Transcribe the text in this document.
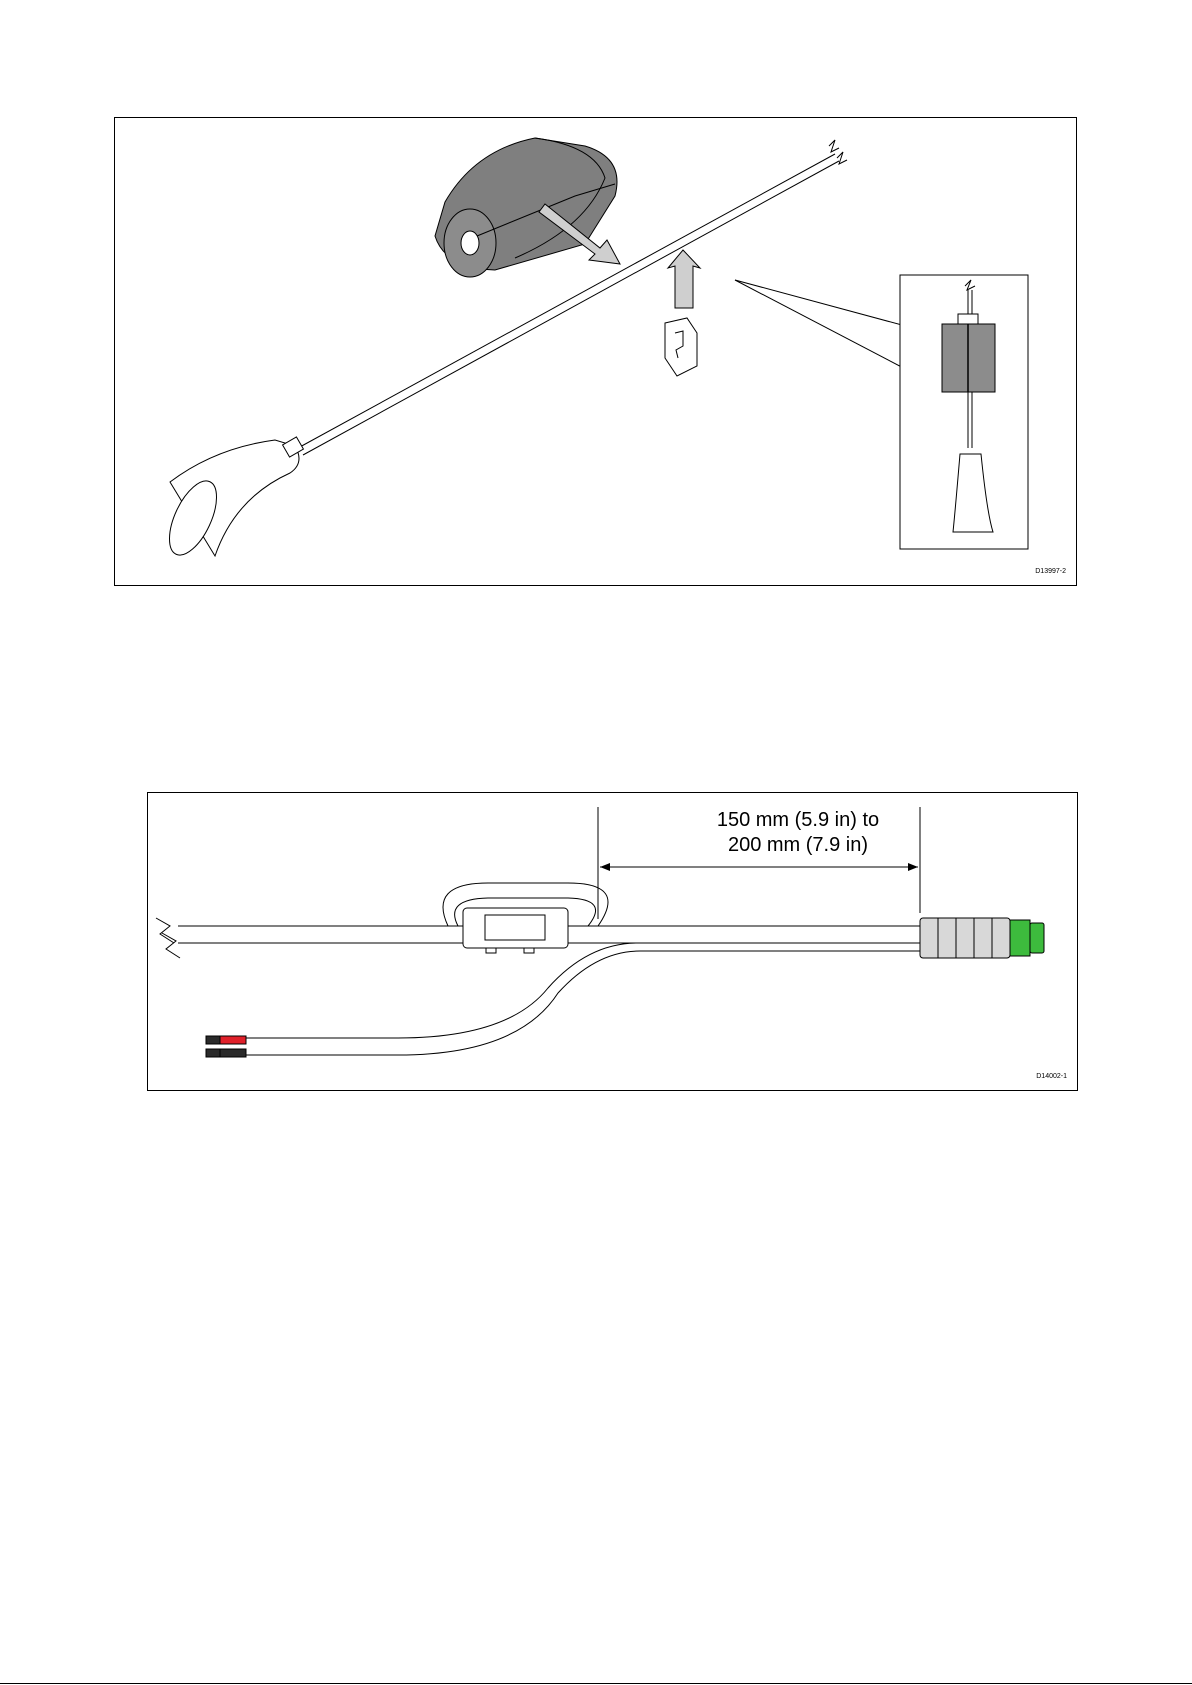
D13997-2
150 mm (5.9 in) to
200 mm (7.9 in)
D14002-1
